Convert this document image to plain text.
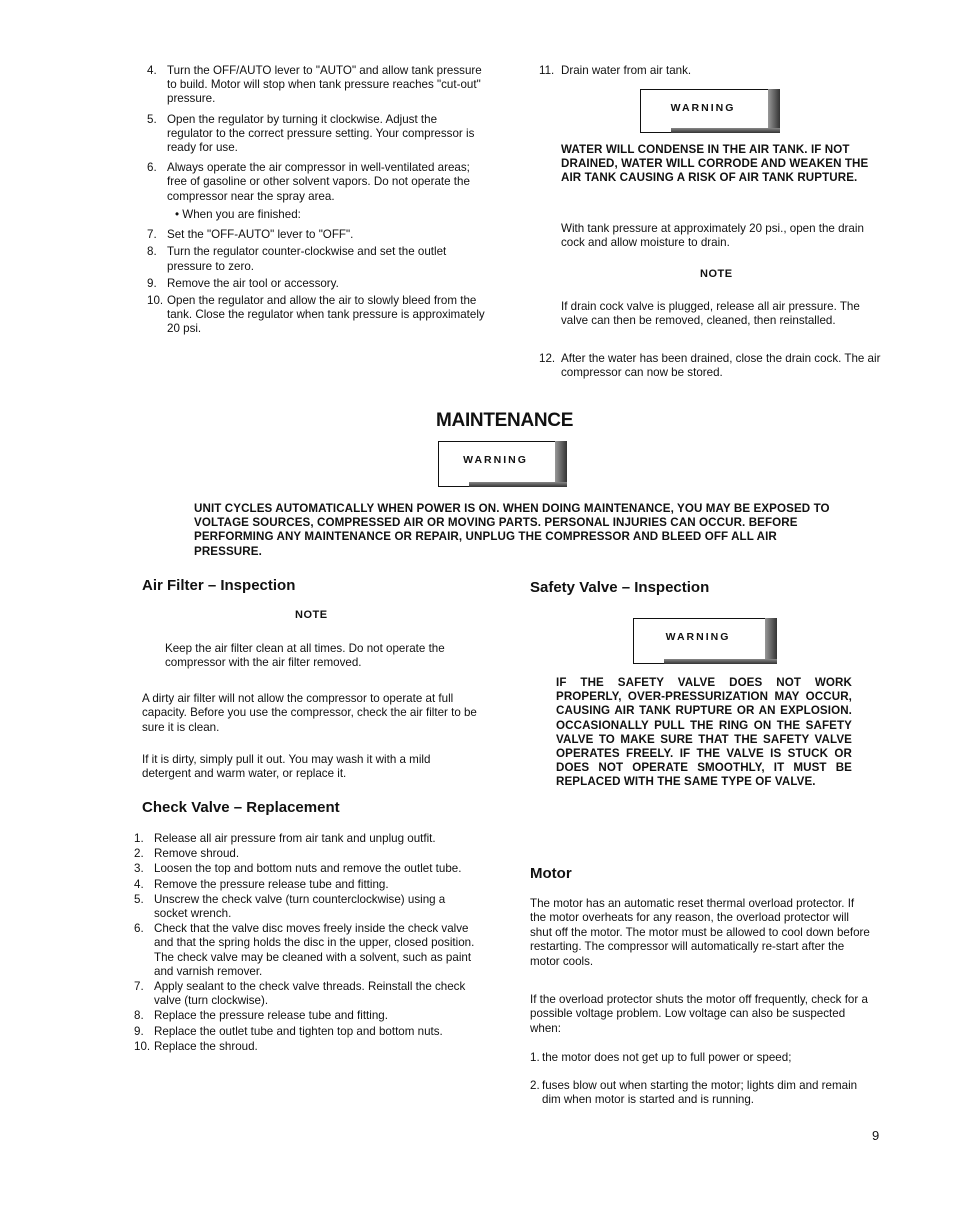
4. Turn the OFF/AUTO lever to "AUTO" and allow tank pressure to build. Motor will stop when tank pressure reaches "cut-out" pressure.
5. Open the regulator by turning it clockwise. Adjust the regulator to the correct pressure setting. Your compressor is ready for use.
6. Always operate the air compressor in well-ventilated areas; free of gasoline or other solvent vapors. Do not operate the compressor near the spray area.
• When you are finished:
7. Set the "OFF-AUTO" lever to "OFF".
8. Turn the regulator counter-clockwise and set the outlet pressure to zero.
9. Remove the air tool or accessory.
10. Open the regulator and allow the air to slowly bleed from the tank. Close the regulator when tank pressure is approximately 20 psi.
11. Drain water from air tank.
WARNING

WATER WILL CONDENSE IN THE AIR TANK. IF NOT DRAINED, WATER WILL CORRODE AND WEAKEN THE AIR TANK CAUSING A RISK OF AIR TANK RUPTURE.

With tank pressure at approximately 20 psi., open the drain cock and allow moisture to drain.

NOTE

If drain cock valve is plugged, release all air pressure. The valve can then be removed, cleaned, then reinstalled.

12. After the water has been drained, close the drain cock. The air compressor can now be stored.
MAINTENANCE
WARNING

UNIT CYCLES AUTOMATICALLY WHEN POWER IS ON. WHEN DOING MAINTENANCE, YOU MAY BE EXPOSED TO VOLTAGE SOURCES, COMPRESSED AIR OR MOVING PARTS. PERSONAL INJURIES CAN OCCUR. BEFORE PERFORMING ANY MAINTENANCE OR REPAIR, UNPLUG THE COMPRESSOR AND BLEED OFF ALL AIR PRESSURE.

Air Filter – Inspection
NOTE

Keep the air filter clean at all times. Do not operate the compressor with the air filter removed.

A dirty air filter will not allow the compressor to operate at full capacity. Before you use the compressor, check the air filter to be sure it is clean.

If it is dirty, simply pull it out. You may wash it with a mild detergent and warm water, or replace it.

Check Valve – Replacement
1. Release all air pressure from air tank and unplug outfit.
2. Remove shroud.
3. Loosen the top and bottom nuts and remove the outlet tube.
4. Remove the pressure release tube and fitting.
5. Unscrew the check valve (turn counterclockwise) using a socket wrench.
6. Check that the valve disc moves freely inside the check valve and that the spring holds the disc in the upper, closed position. The check valve may be cleaned with a solvent, such as paint and varnish remover.
7. Apply sealant to the check valve threads. Reinstall the check valve (turn clockwise).
8. Replace the pressure release tube and fitting.
9. Replace the outlet tube and tighten top and bottom nuts.
10. Replace the shroud.
Safety Valve – Inspection
WARNING

IF THE SAFETY VALVE DOES NOT WORK PROPERLY, OVER-PRESSURIZATION MAY OCCUR, CAUSING AIR TANK RUPTURE OR AN EXPLOSION. OCCASIONALLY PULL THE RING ON THE SAFETY VALVE TO MAKE SURE THAT THE SAFETY VALVE OPERATES FREELY. IF THE VALVE IS STUCK OR DOES NOT OPERATE SMOOTHLY, IT MUST BE REPLACED WITH THE SAME TYPE OF VALVE.

Motor

The motor has an automatic reset thermal overload protector. If the motor overheats for any reason, the overload protector will shut off the motor. The motor must be allowed to cool down before restarting. The compressor will automatically re-start after the motor cools.

If the overload protector shuts the motor off frequently, check for a possible voltage problem. Low voltage can also be suspected when:

1. the motor does not get up to full power or speed;
2. fuses blow out when starting the motor; lights dim and remain dim when motor is started and is running.
9
